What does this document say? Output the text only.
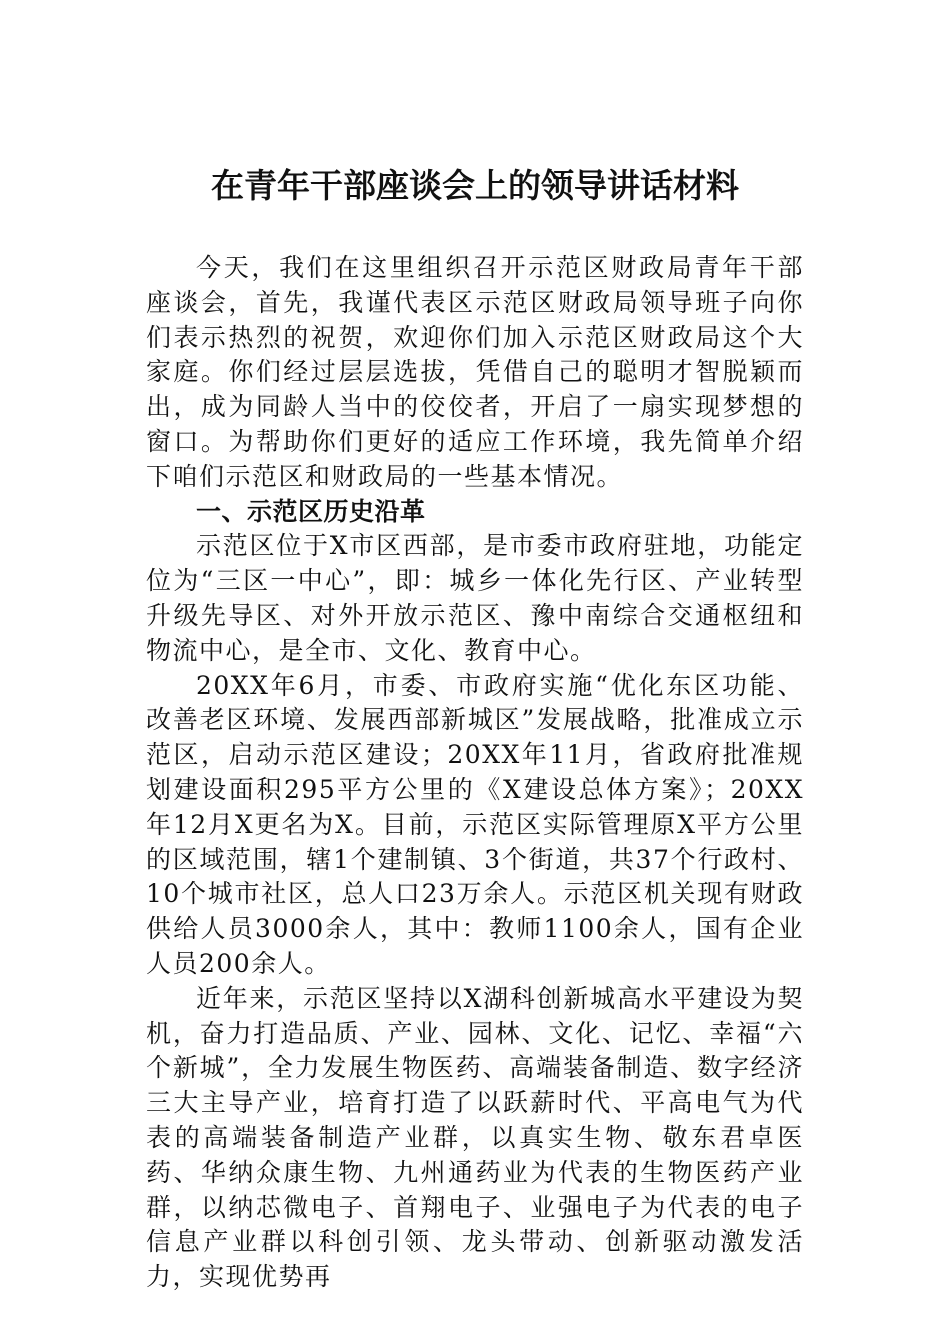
在青年干部座谈会上的领导讲话材料

今天，我们在这里组织召开示范区财政局青年干部座谈会，首先，我谨代表区示范区财政局领导班子向你们表示热烈的祝贺，欢迎你们加入示范区财政局这个大家庭。你们经过层层选拔，凭借自己的聪明才智脱颖而出，成为同龄人当中的佼佼者，开启了一扇实现梦想的窗口。为帮助你们更好的适应工作环境，我先简单介绍下咱们示范区和财政局的一些基本情况。

一、示范区历史沿革

示范区位于X市区西部，是市委市政府驻地，功能定位为“三区一中心”，即：城乡一体化先行区、产业转型升级先导区、对外开放示范区、豫中南综合交通枢纽和物流中心，是全市、文化、教育中心。

20XX年6月，市委、市政府实施“优化东区功能、改善老区环境、发展西部新城区”发展战略，批准成立示范区，启动示范区建设；20XX年11月，省政府批准规划建设面积295平方公里的《X建设总体方案》；20XX年12月X更名为X。目前，示范区实际管理原X平方公里的区域范围，辖1个建制镇、3个街道，共37个行政村、10个城市社区，总人口23万余人。示范区机关现有财政供给人员3000余人，其中：教师1100余人，国有企业人员200余人。

近年来，示范区坚持以X湖科创新城高水平建设为契机，奋力打造品质、产业、园林、文化、记忆、幸福“六个新城”，全力发展生物医药、高端装备制造、数字经济三大主导产业，培育打造了以跃薪时代、平高电气为代表的高端装备制造产业群，以真实生物、敬东君卓医药、华纳众康生物、九州通药业为代表的生物医药产业群，以纳芯微电子、首翔电子、业强电子为代表的电子信息产业群以科创引领、龙头带动、创新驱动激发活力，实现优势再
